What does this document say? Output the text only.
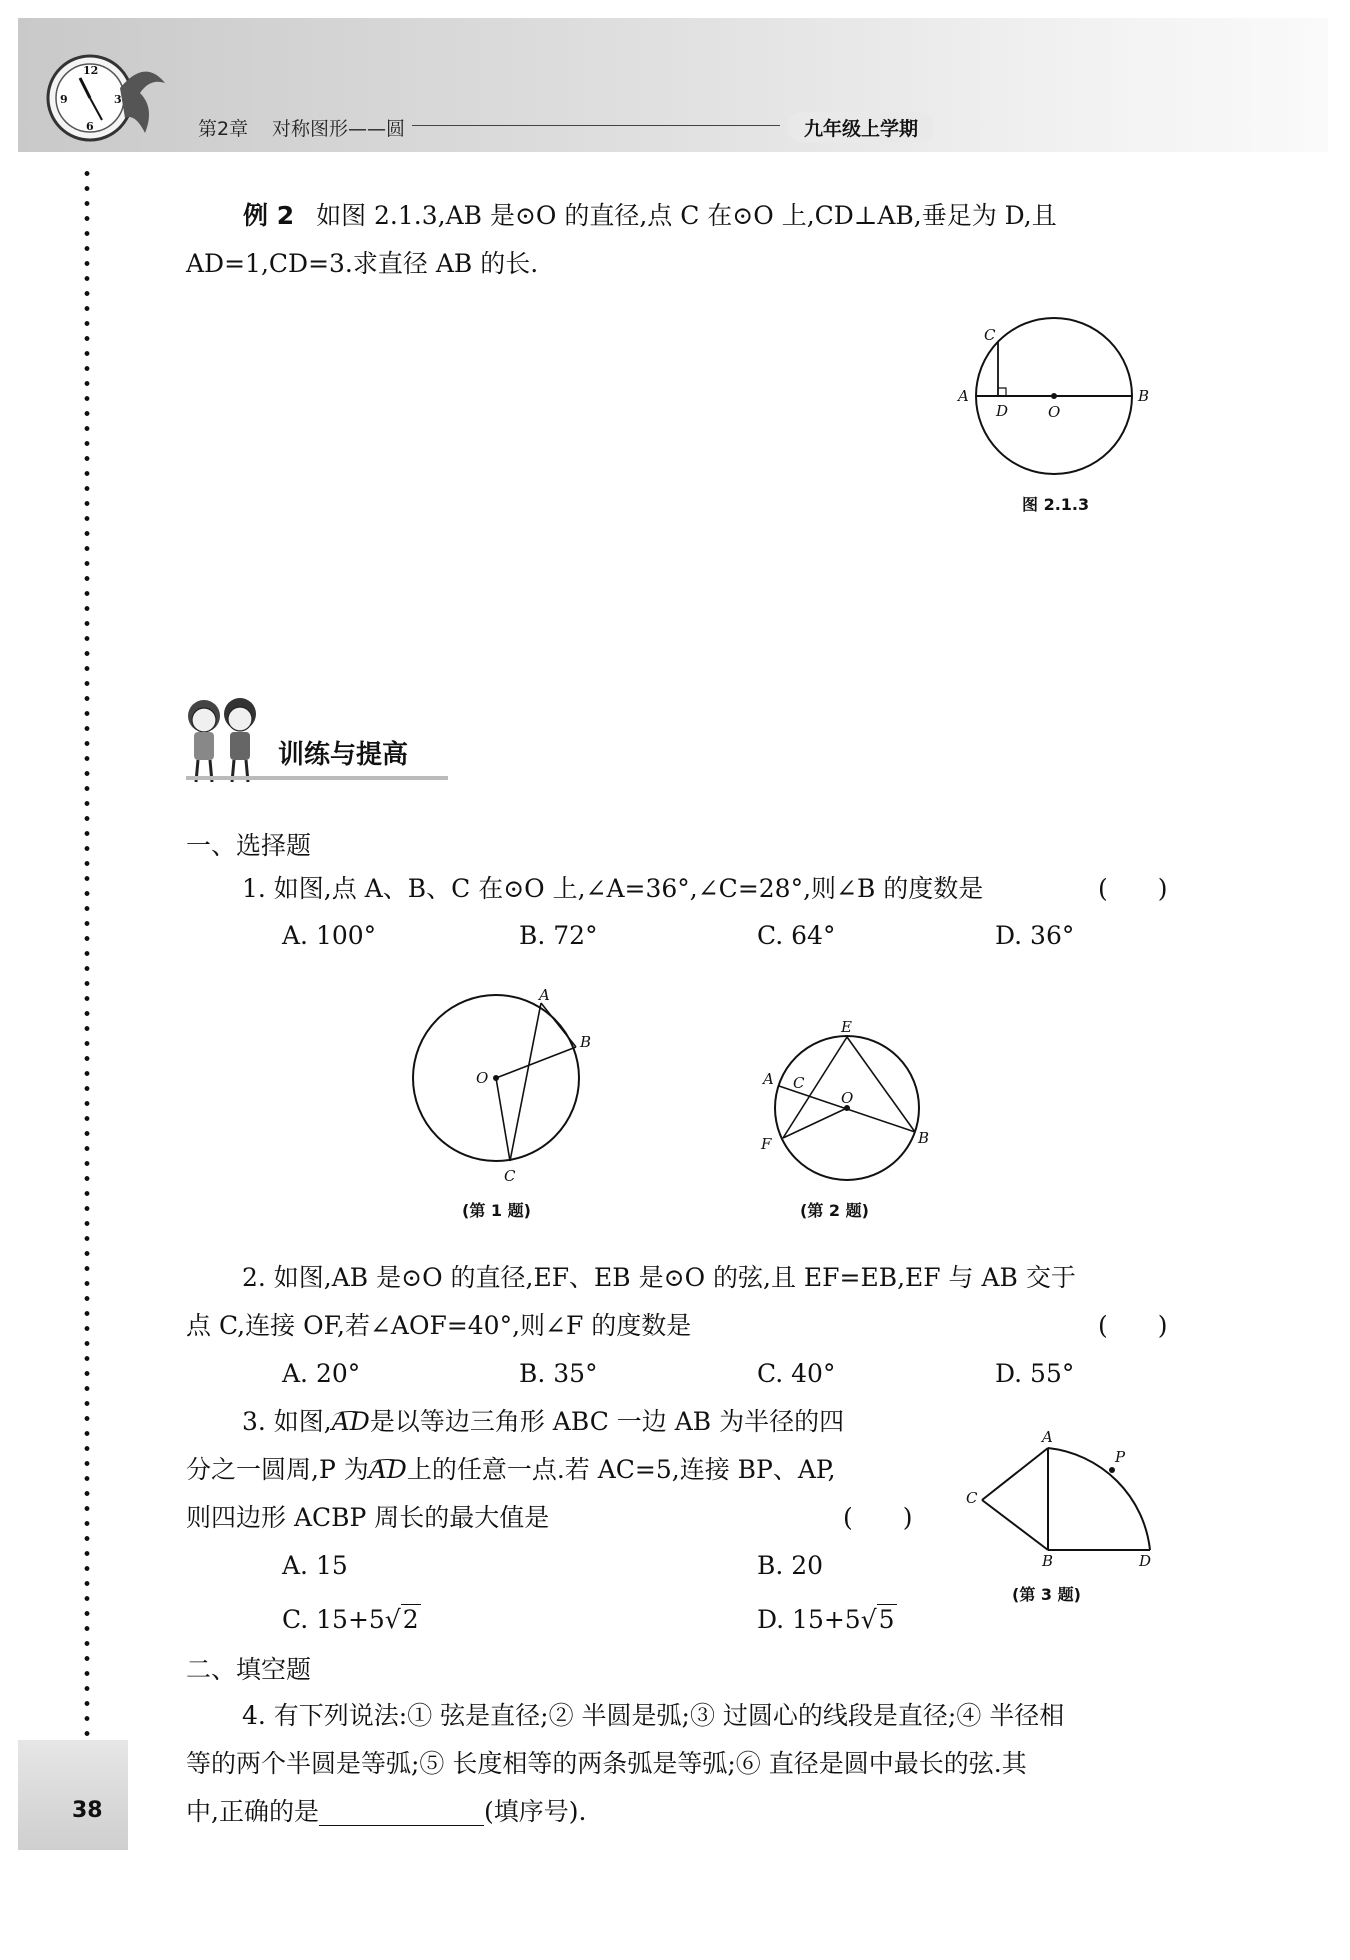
12
3
6
9
第2章 对称图形——圆	九年级上学期
38
例 2 如图 2.1.3,AB 是⊙O 的直径,点 C 在⊙O 上,CD⊥AB,垂足为 D,且
AD=1,CD=3.求直径 AB 的长.
C
A
D	O
B
图 2.1.3
训练与提高
一、选择题
1. 如图,点 A、B、C 在⊙O 上,∠A=36°,∠C=28°,则∠B 的度数是	(　　)
A. 100°	B. 72°	C. 64°	D. 36°
A
B
O
C
(第 1 题)
E
A C
O
F	B
(第 2 题)
2. 如图,AB 是⊙O 的直径,EF、EB 是⊙O 的弦,且 EF=EB,EF 与 AB 交于
点 C,连接 OF,若∠AOF=40°,则∠F 的度数是	(　　)
A. 20°	B. 35°	C. 40°	D. 55°
3. 如图,
AD是以等边三角形 ABC 一边 AB 为半径的四
分之一圆周,P 为
AD上的任意一点.若 AC=5,连接 BP、AP,
则四边形 ACBP 周长的最大值是	(　　)
A. 15	B. 20
C. 15+5√2	D. 15+5√5
A
P
C
B	D
(第 3 题)
二、填空题
4. 有下列说法:① 弦是直径;② 半圆是弧;③ 过圆心的线段是直径;④ 半径相
等的两个半圆是等弧;⑤ 长度相等的两条弧是等弧;⑥ 直径是圆中最长的弦.其
中,正确的是	(填序号).
